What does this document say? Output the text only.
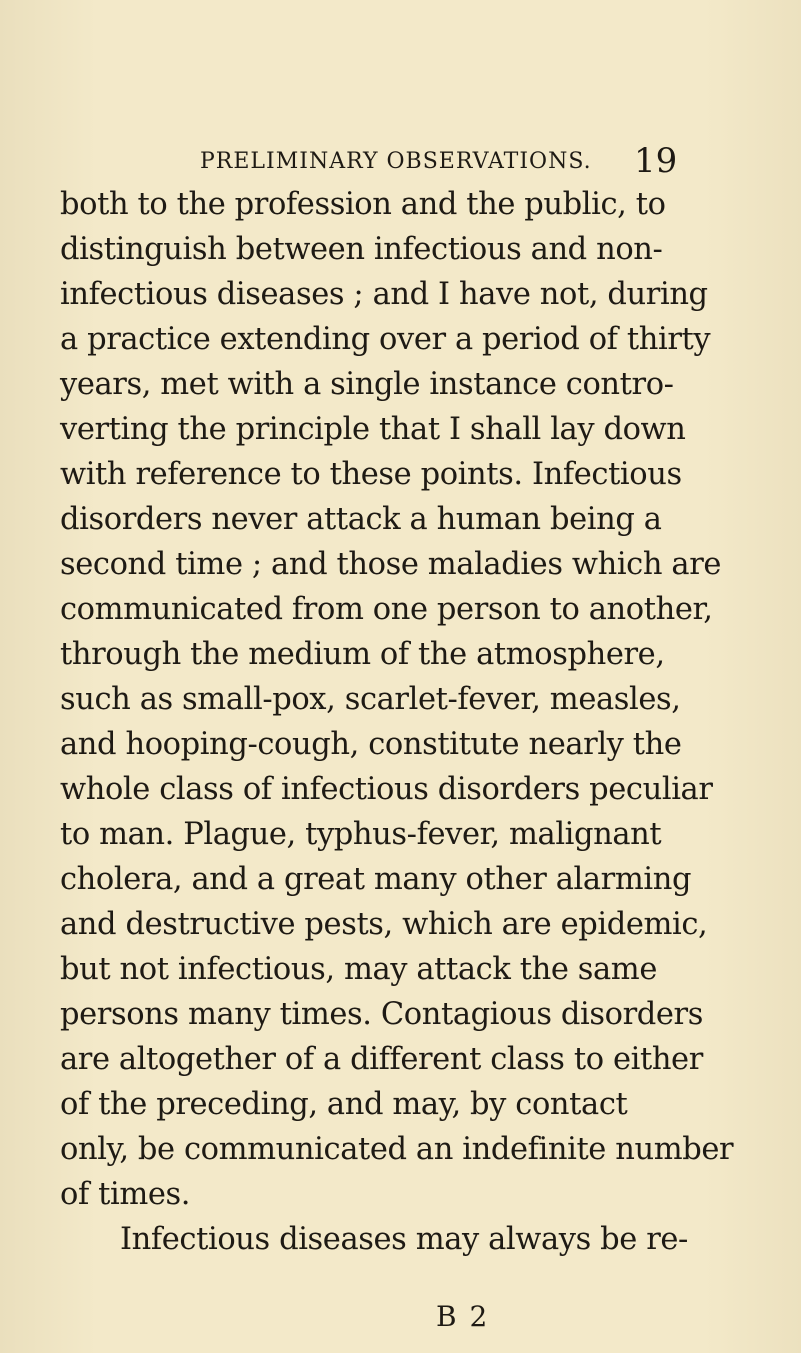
PRELIMINARY OBSERVATIONS. 19
both to the profession and the public, to
distinguish between infectious and non-
infectious diseases ; and I have not, during
a practice extending over a period of thirty
years, met with a single instance contro-
verting the principle that I shall lay down
with reference to these points. Infectious
disorders never attack a human being a
second time ; and those maladies which are
communicated from one person to another,
through the medium of the atmosphere,
such as small-pox, scarlet-fever, measles,
and hooping-cough, constitute nearly the
whole class of infectious disorders peculiar
to man. Plague, typhus-fever, malignant
cholera, and a great many other alarming
and destructive pests, which are epidemic,
but not infectious, may attack the same
persons many times. Contagious disorders
are altogether of a different class to either
of the preceding, and may, by contact
only, be communicated an indefinite number
of times.
Infectious diseases may always be re-
B 2
